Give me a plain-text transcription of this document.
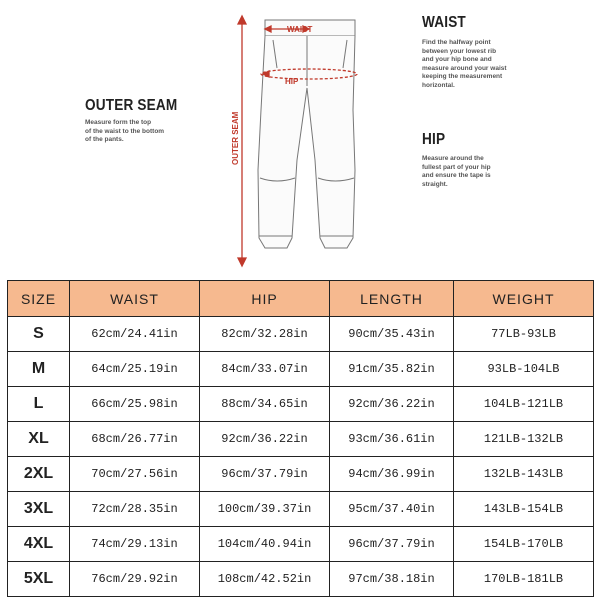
OUTER SEAM
Measure form the top
of the waist to the bottom
of the pants.
WAIST
Find the halfway point
between your lowest rib
and your hip bone and
measure around your waist
keeping the measurement
horizontal.
HIP
Measure around the
fullest part of your hip
and ensure the tape is
straight.
WAIST
HIP
OUTER SEAM
SIZE	WAIST	HIP	LENGTH	WEIGHT
S	62cm/24.41in	82cm/32.28in	90cm/35.43in	77LB-93LB
M	64cm/25.19in	84cm/33.07in	91cm/35.82in	93LB-104LB
L	66cm/25.98in	88cm/34.65in	92cm/36.22in	104LB-121LB
XL	68cm/26.77in	92cm/36.22in	93cm/36.61in	121LB-132LB
2XL	70cm/27.56in	96cm/37.79in	94cm/36.99in	132LB-143LB
3XL	72cm/28.35in	100cm/39.37in	95cm/37.40in	143LB-154LB
4XL	74cm/29.13in	104cm/40.94in	96cm/37.79in	154LB-170LB
5XL	76cm/29.92in	108cm/42.52in	97cm/38.18in	170LB-181LB
